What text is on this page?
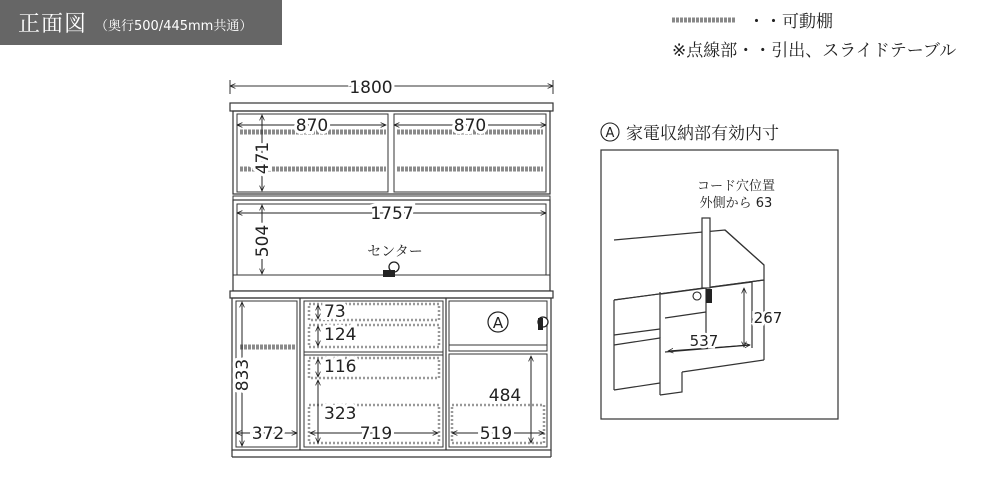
正面図 （奥行500/445mm共通）	・・可動棚
※点線部・・引出、スライドテーブル
1800
870	870
471
1757
504	センター
833
372
73
124
116
323
719
484
519
A
A 家電収納部有効内寸
コード穴位置
外側から 63
537
267
